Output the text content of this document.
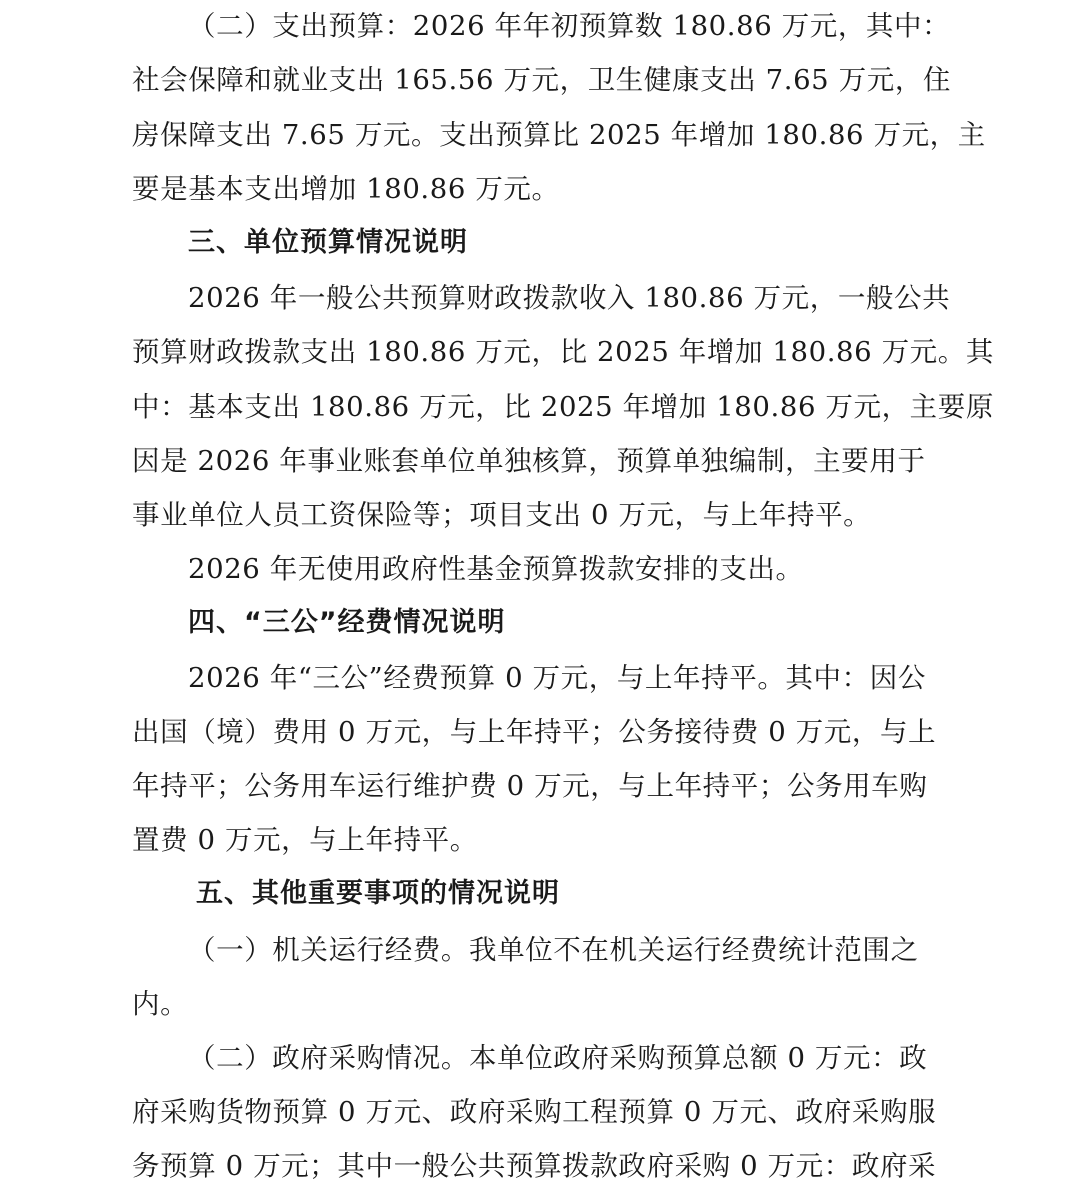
（二）支出预算：2026 年年初预算数 180.86 万元，其中：
社会保障和就业支出 165.56 万元，卫生健康支出 7.65 万元，住
房保障支出 7.65 万元。支出预算比 2025 年增加 180.86 万元，主
要是基本支出增加 180.86 万元。
三、单位预算情况说明
2026 年一般公共预算财政拨款收入 180.86 万元，一般公共
预算财政拨款支出 180.86 万元，比 2025 年增加 180.86 万元。其
中：基本支出 180.86 万元，比 2025 年增加 180.86 万元，主要原
因是 2026 年事业账套单位单独核算，预算单独编制，主要用于
事业单位人员工资保险等；项目支出 0 万元，与上年持平。
2026 年无使用政府性基金预算拨款安排的支出。
四、“三公”经费情况说明
2026 年“三公”经费预算 0 万元，与上年持平。其中：因公
出国（境）费用 0 万元，与上年持平；公务接待费 0 万元，与上
年持平；公务用车运行维护费 0 万元，与上年持平；公务用车购
置费 0 万元，与上年持平。
五、其他重要事项的情况说明
（一）机关运行经费。我单位不在机关运行经费统计范围之
内。
（二）政府采购情况。本单位政府采购预算总额 0 万元：政
府采购货物预算 0 万元、政府采购工程预算 0 万元、政府采购服
务预算 0 万元；其中一般公共预算拨款政府采购 0 万元：政府采
